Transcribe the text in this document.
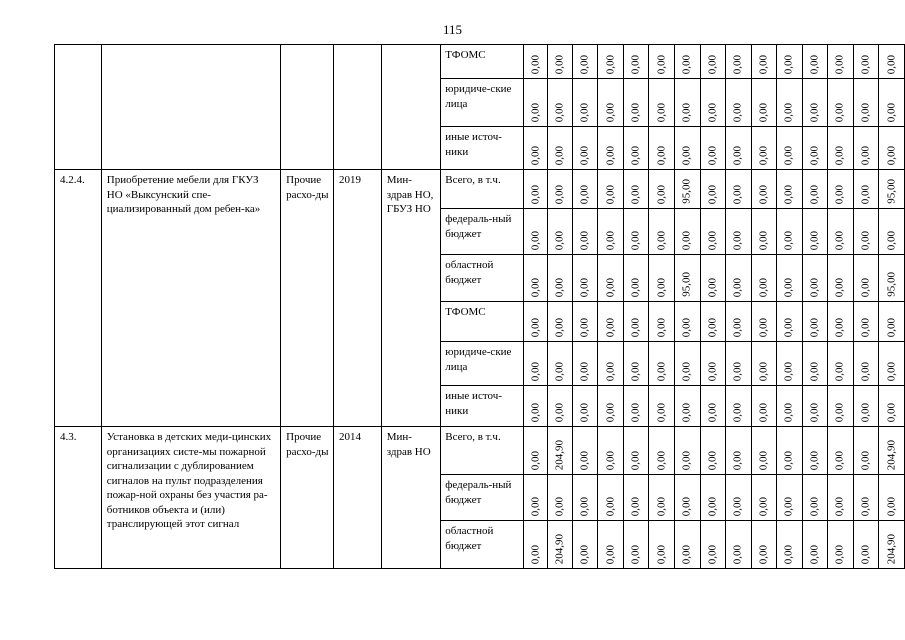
115
					ТФОМС	0,00	0,00	0,00	0,00	0,00	0,00	0,00	0,00	0,00	0,00	0,00	0,00	0,00	0,00	0,00

					юридиче-ские лица	0,00	0,00	0,00	0,00	0,00	0,00	0,00	0,00	0,00	0,00	0,00	0,00	0,00	0,00	0,00

					иные источ-ники	0,00	0,00	0,00	0,00	0,00	0,00	0,00	0,00	0,00	0,00	0,00	0,00	0,00	0,00	0,00

4.2.4.	Приобретение мебели для ГКУЗ НО «Выксунский спе-циализированный дом ребен-ка»	Прочие расхо-ды	2019	Мин-здрав НО, ГБУЗ НО	Всего, в т.ч.	0,00	0,00	0,00	0,00	0,00	0,00	95,00	0,00	0,00	0,00	0,00	0,00	0,00	0,00	95,00

					федераль-ный бюджет	0,00	0,00	0,00	0,00	0,00	0,00	0,00	0,00	0,00	0,00	0,00	0,00	0,00	0,00	0,00

					областной бюджет	0,00	0,00	0,00	0,00	0,00	0,00	95,00	0,00	0,00	0,00	0,00	0,00	0,00	0,00	95,00

					ТФОМС	0,00	0,00	0,00	0,00	0,00	0,00	0,00	0,00	0,00	0,00	0,00	0,00	0,00	0,00	0,00

					юридиче-ские лица	0,00	0,00	0,00	0,00	0,00	0,00	0,00	0,00	0,00	0,00	0,00	0,00	0,00	0,00	0,00

					иные источ-ники	0,00	0,00	0,00	0,00	0,00	0,00	0,00	0,00	0,00	0,00	0,00	0,00	0,00	0,00	0,00

4.3.	Установка в детских меди-цинских организациях систе-мы пожарной сигнализации с дублированием сигналов на пульт подразделения пожар-ной охраны без участия ра-ботников объекта и (или) транслирующей этот сигнал	Прочие расхо-ды	2014	Мин-здрав НО	Всего, в т.ч.	0,00	204,90	0,00	0,00	0,00	0,00	0,00	0,00	0,00	0,00	0,00	0,00	0,00	0,00	204,90

					федераль-ный бюджет	0,00	0,00	0,00	0,00	0,00	0,00	0,00	0,00	0,00	0,00	0,00	0,00	0,00	0,00	0,00

					областной бюджет	0,00	204,90	0,00	0,00	0,00	0,00	0,00	0,00	0,00	0,00	0,00	0,00	0,00	0,00	204,90
